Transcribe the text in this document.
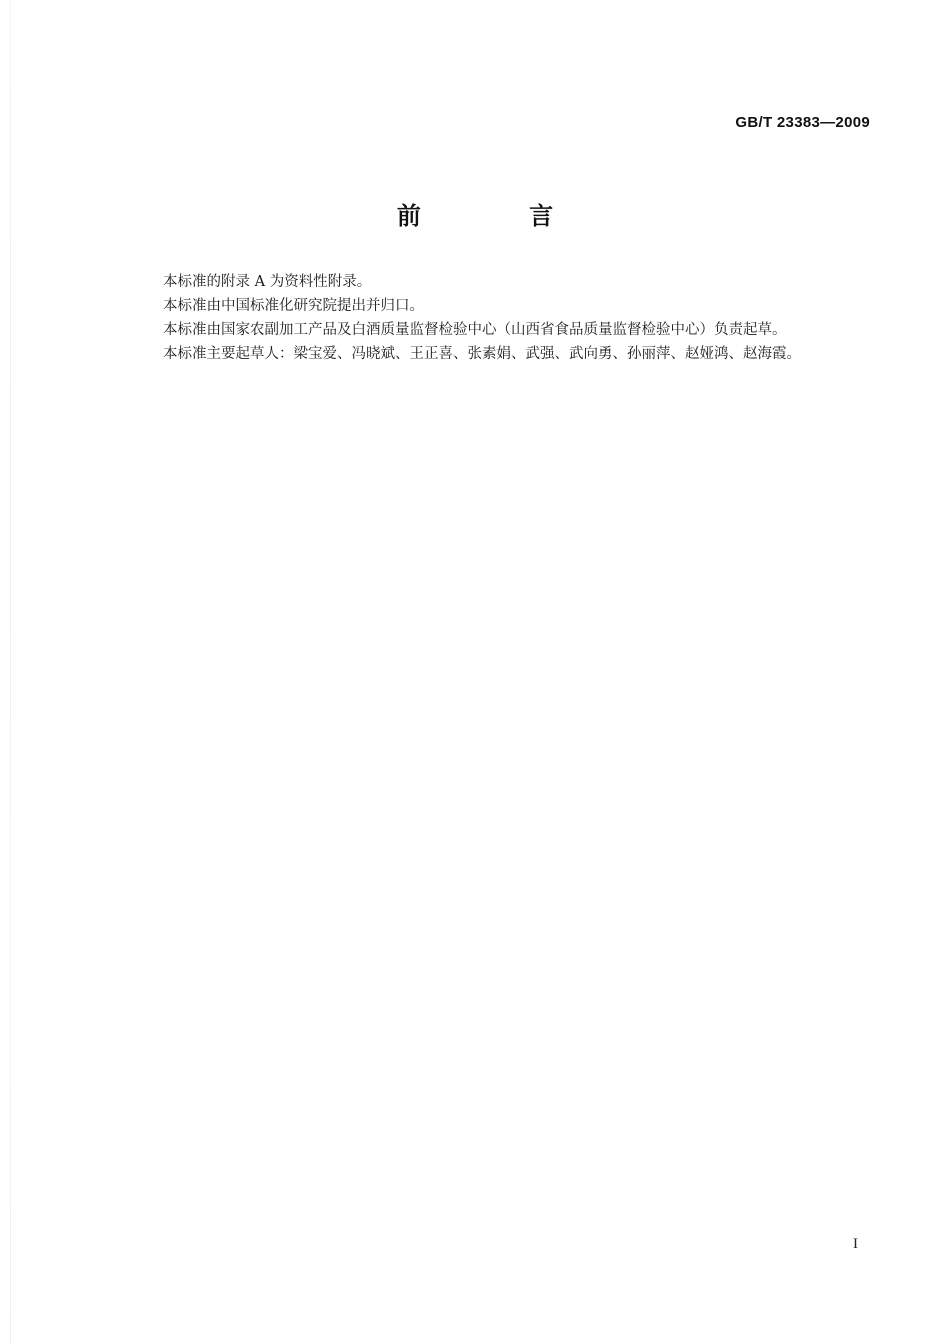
GB/T 23383—2009
前 言

本标准的附录 A 为资料性附录。

本标准由中国标准化研究院提出并归口。

本标准由国家农副加工产品及白酒质量监督检验中心（山西省食品质量监督检验中心）负责起草。

本标准主要起草人：梁宝爱、冯晓斌、王正喜、张素娟、武强、武向勇、孙丽萍、赵娅鸿、赵海霞。

I
